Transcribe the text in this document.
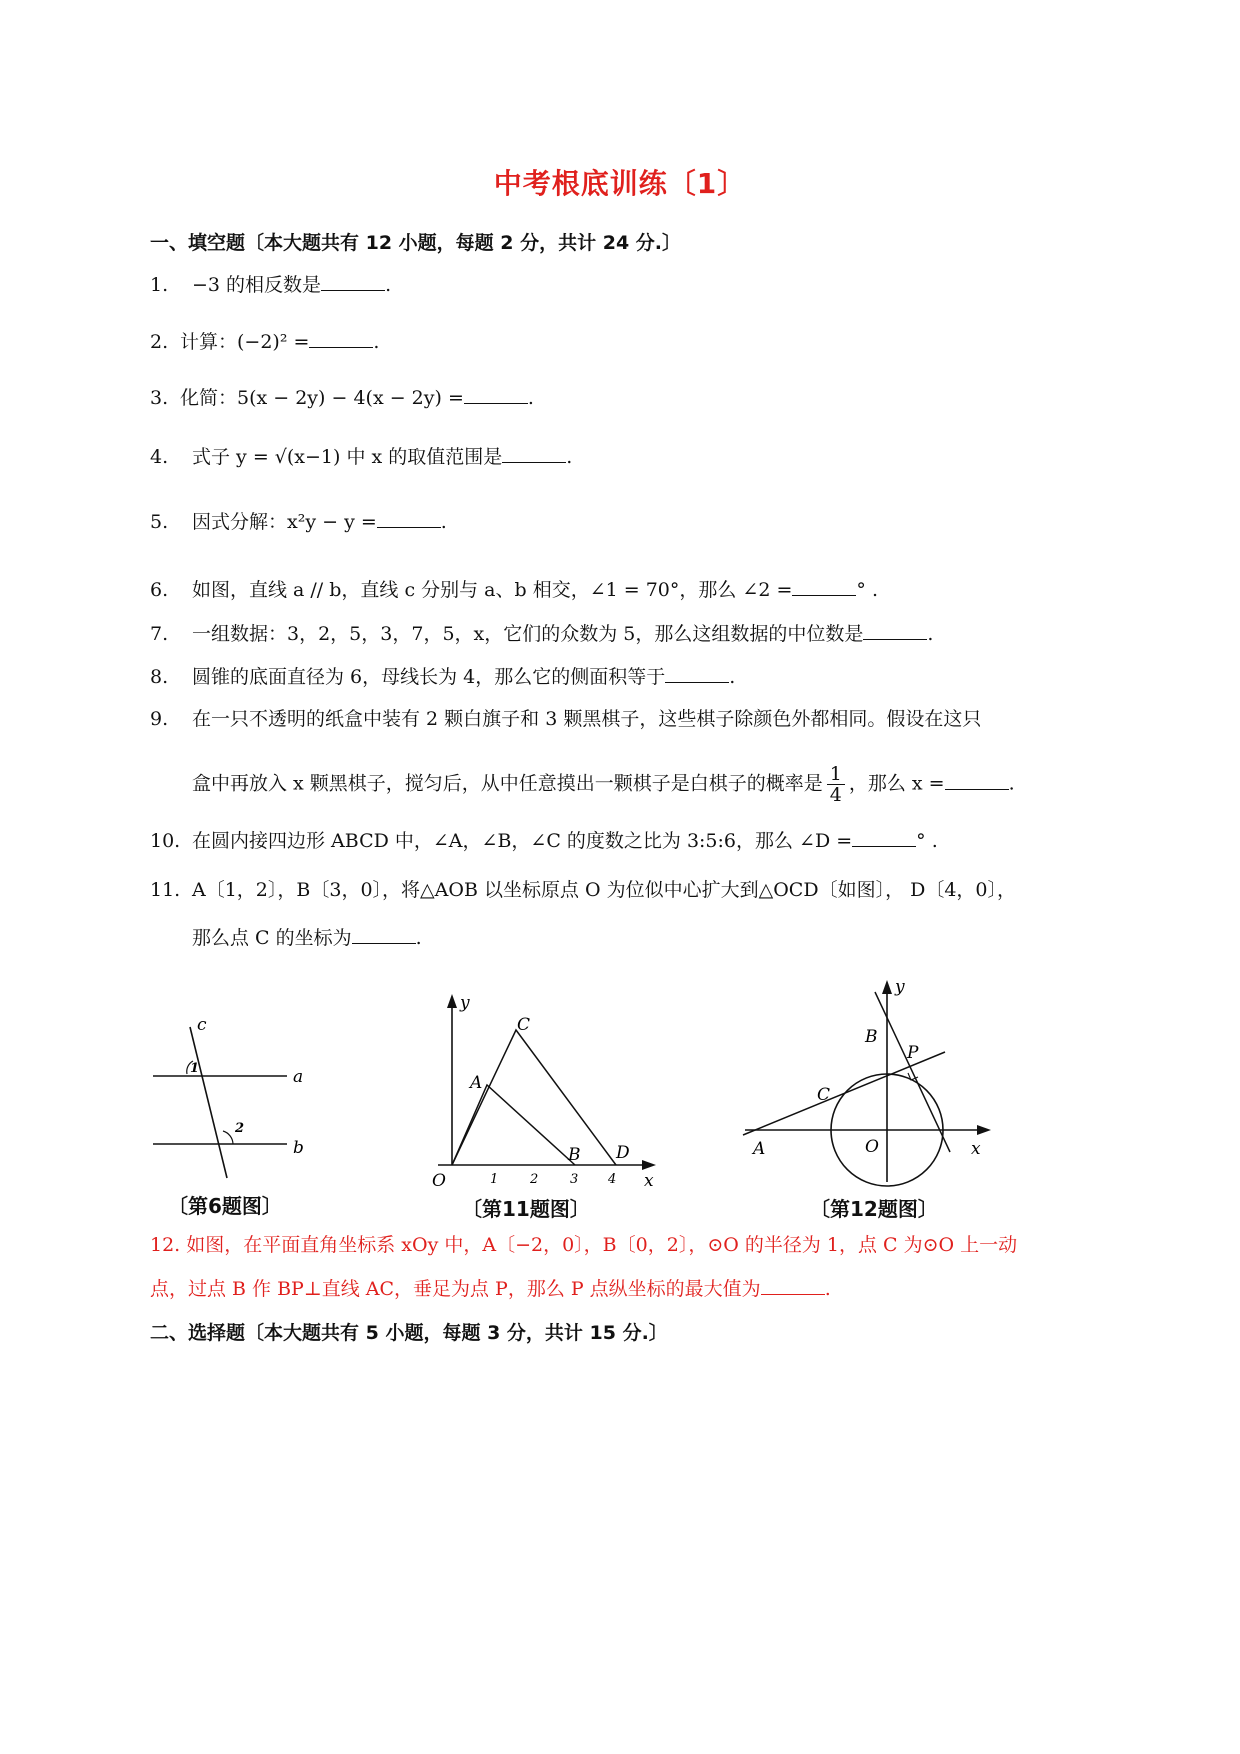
中考根底训练〔1〕
一、填空题〔本大题共有 12 小题，每题 2 分，共计 24 分.〕
1. −3 的相反数是	.
2. 计算：(−2)² =	.
3. 化简：5(x − 2y) − 4(x − 2y) =	.
4. 式子 y = √(x−1) 中 x 的取值范围是	.
5. 因式分解：x²y − y =	.
6. 如图，直线 a // b，直线 c 分别与 a、b 相交，∠1 = 70°，那么 ∠2 =	° .
7. 一组数据：3，2，5，3，7，5，x，它们的众数为 5，那么这组数据的中位数是	.
8. 圆锥的底面直径为 6，母线长为 4，那么它的侧面积等于	.
9. 在一只不透明的纸盒中装有 2 颗白旗子和 3 颗黑棋子，这些棋子除颜色外都相同。假设在这只
盒中再放入 x 颗黑棋子，搅匀后，从中任意摸出一颗棋子是白棋子的概率是 $\frac{1}{4}$ ，那么 x =	.
10. 在圆内接四边形 ABCD 中，∠A，∠B，∠C 的度数之比为 3:5:6，那么 ∠D =	° .
11. A〔1，2〕，B〔3，0〕，将△AOB 以坐标原点 O 为位似中心扩大到△OCD〔如图〕， D〔4，0〕，
那么点 C 的坐标为	.
c
a
b
1
2
〔第6题图〕
y
x
O
A
C
B D
1 2 3 4
〔第11题图〕
y
x
O
A
B
C
P
〔第12题图〕
12. 如图，在平面直角坐标系 xOy 中，A〔−2，0〕，B〔0，2〕，⊙O 的半径为 1，点 C 为⊙O 上一动
点，过点 B 作 BP⊥直线 AC，垂足为点 P，那么 P 点纵坐标的最大值为	.
二、选择题〔本大题共有 5 小题，每题 3 分，共计 15 分.〕
